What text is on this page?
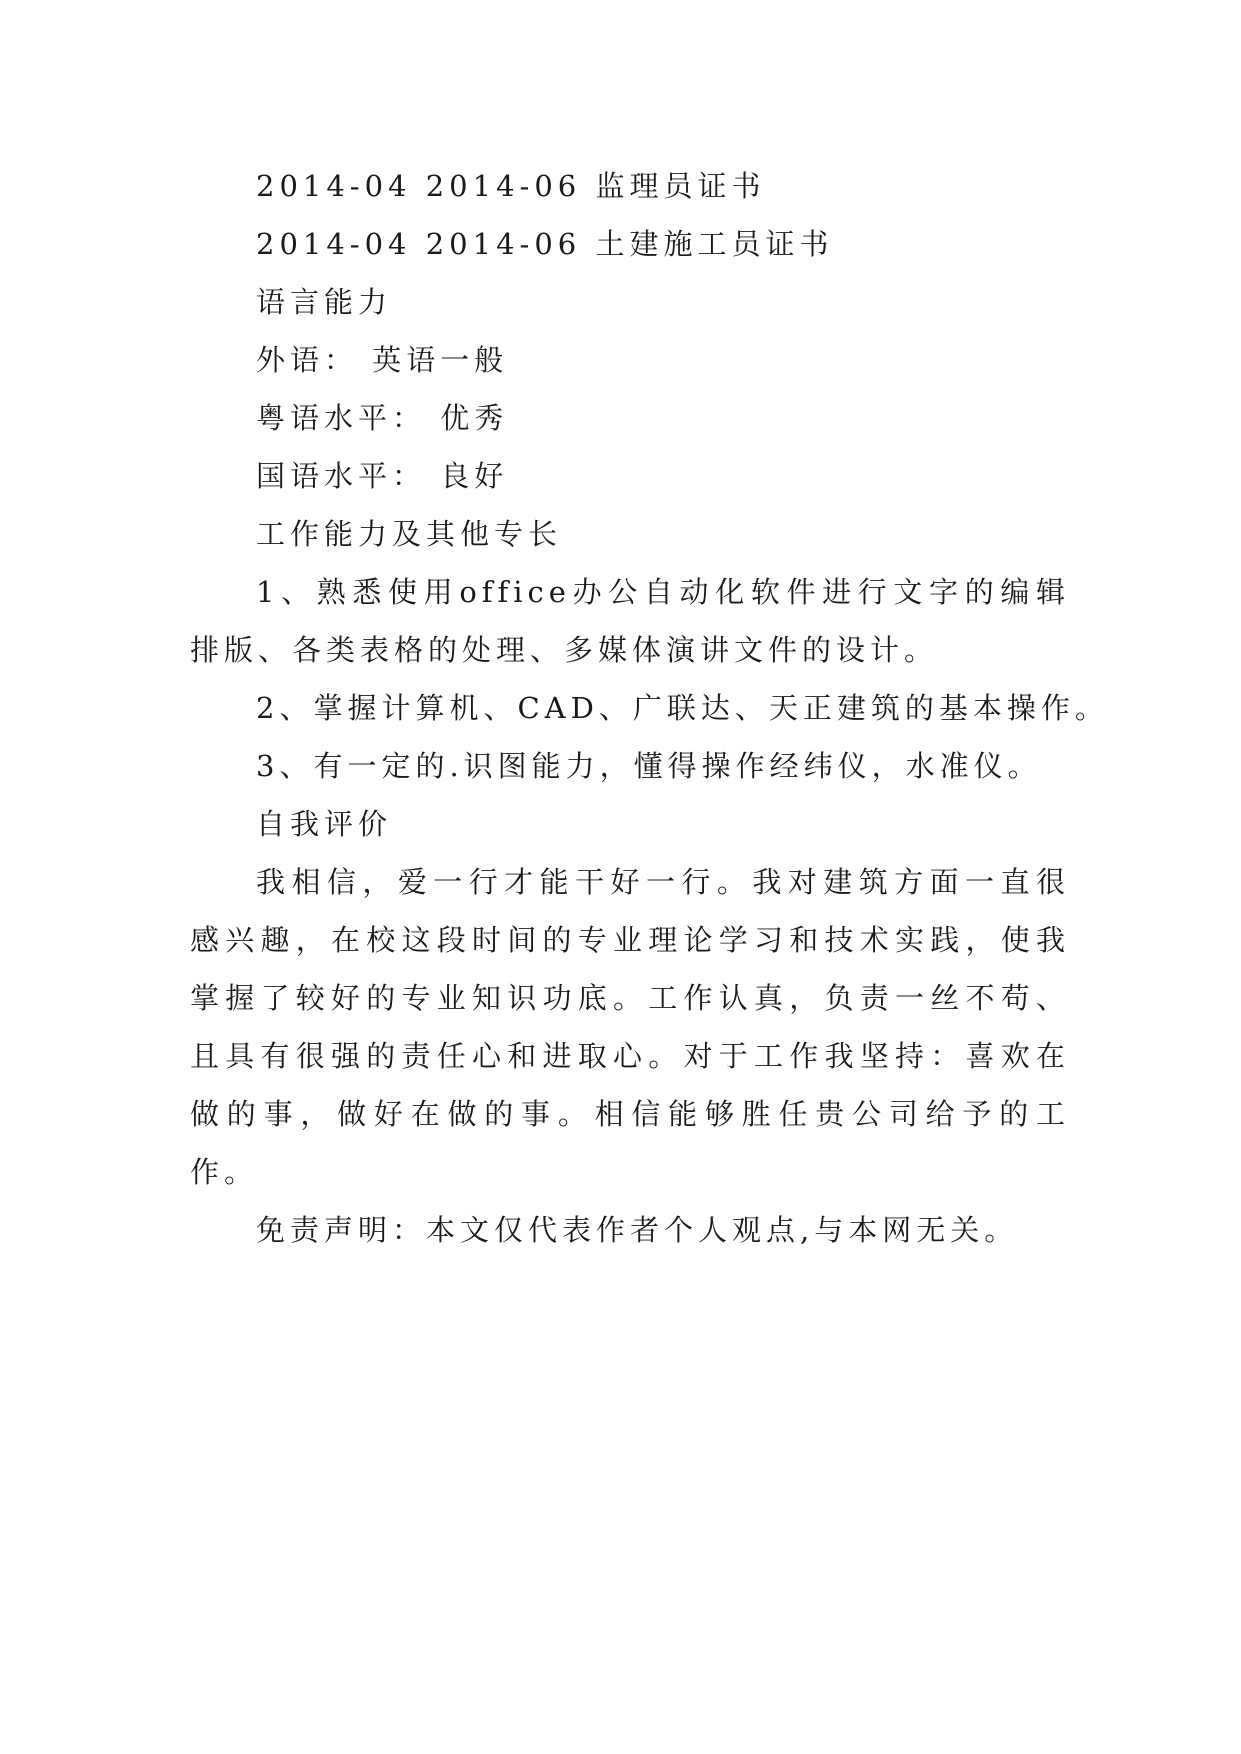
2014-04 2014-06 监理员证书
2014-04 2014-06 土建施工员证书
语言能力
外语： 英语一般
粤语水平： 优秀
国语水平： 良好
工作能力及其他专长
1、熟悉使用office办公自动化软件进行文字的编辑排版、各类表格的处理、多媒体演讲文件的设计。
2、掌握计算机、CAD、广联达、天正建筑的基本操作。
3、有一定的.识图能力，懂得操作经纬仪，水准仪。
自我评价
我相信，爱一行才能干好一行。我对建筑方面一直很感兴趣，在校这段时间的专业理论学习和技术实践，使我掌握了较好的专业知识功底。工作认真，负责一丝不苟、且具有很强的责任心和进取心。对于工作我坚持：喜欢在做的事，做好在做的事。相信能够胜任贵公司给予的工作。
免责声明：本文仅代表作者个人观点,与本网无关。
